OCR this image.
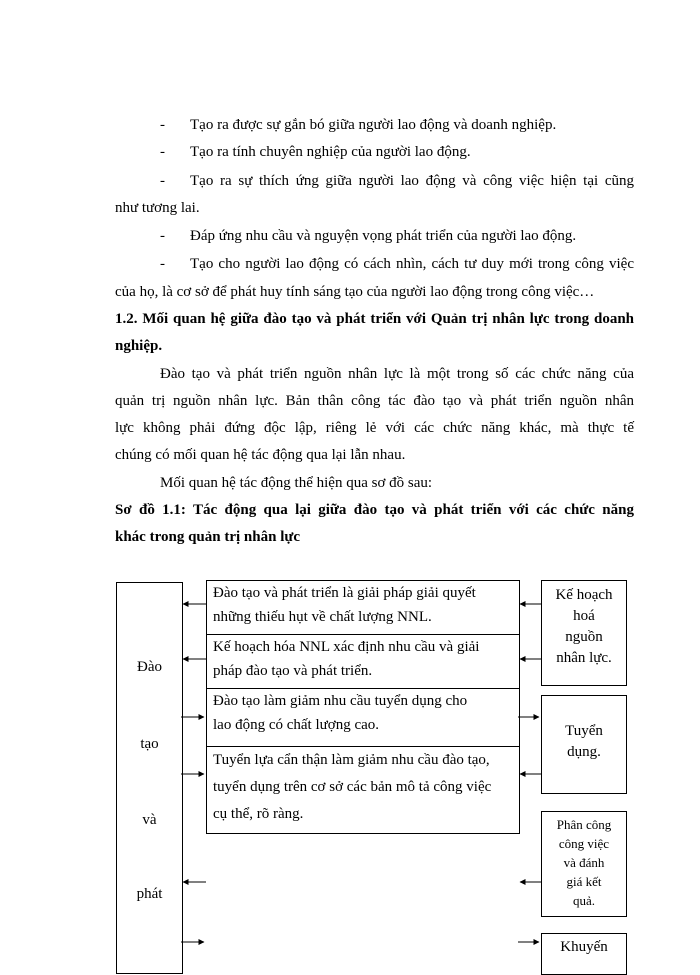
- Tạo ra được sự gắn bó giữa người lao động và doanh nghiệp.
- Tạo ra tính chuyên nghiệp của người lao động.
- Tạo ra sự thích ứng giữa người lao động và công việc hiện tại cũng
như tương lai.
- Đáp ứng nhu cầu và nguyện vọng phát triển của người lao động.
- Tạo cho người lao động có cách nhìn, cách tư duy mới trong công việc
của họ, là cơ sở để phát huy tính sáng tạo của người lao động trong công việc…
1.2. Mối quan hệ giữa đào tạo và phát triển với Quản trị nhân lực trong doanh
nghiệp.
Đào tạo và phát triển nguồn nhân lực là một trong số các chức năng của
quản trị nguồn nhân lực. Bản thân công tác đào tạo và phát triển nguồn nhân
lực không phải đứng độc lập, riêng lẻ với các chức năng khác, mà thực tế
chúng có mối quan hệ tác động qua lại lẫn nhau.
Mối quan hệ tác động thể hiện qua sơ đồ sau:
Sơ đồ 1.1: Tác động qua lại giữa đào tạo và phát triển với các chức năng
khác trong quản trị nhân lực
Đào
tạo
và
phát
Đào tạo và phát triển là giải pháp giải quyết
những thiếu hụt về chất lượng NNL.
Kế hoạch hóa NNL xác định nhu cầu và giải
pháp đào tạo và phát triển.
Đào tạo làm giảm nhu cầu tuyển dụng cho
lao động có chất lượng cao.
Tuyển lựa cẩn thận làm giảm nhu cầu đào tạo,
tuyển dụng trên cơ sở các bản mô tả công việc
cụ thể, rõ ràng.
Kế hoạch
hoá
nguồn
nhân lực.
Tuyển
dụng.
Phân công
công việc
và đánh
giá kết
quả.
Khuyến
